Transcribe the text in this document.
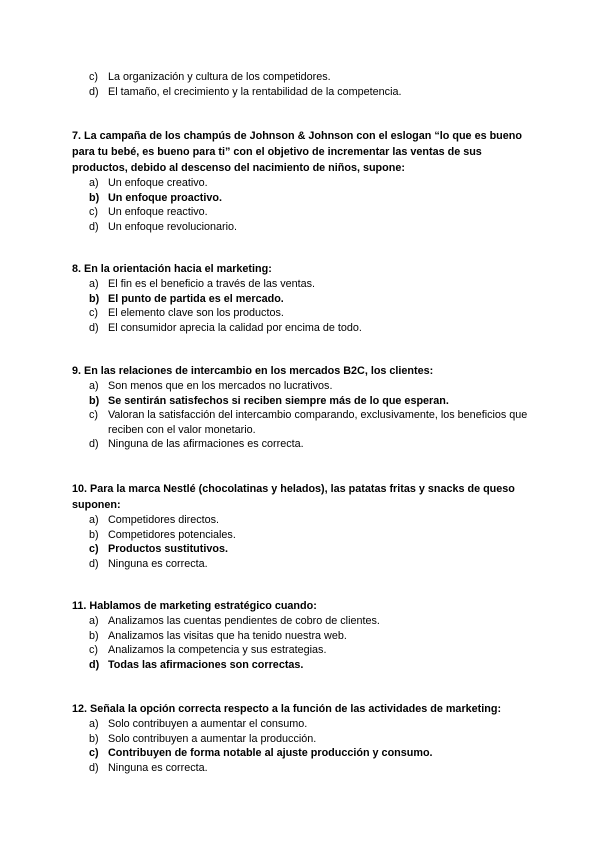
c) La organización y cultura de los competidores.
d) El tamaño, el crecimiento y la rentabilidad de la competencia.
7. La campaña de los champús de Johnson & Johnson con el eslogan “lo que es bueno para tu bebé, es bueno para ti” con el objetivo de incrementar las ventas de sus productos, debido al descenso del nacimiento de niños, supone:
a) Un enfoque creativo.
b) Un enfoque proactivo.
c) Un enfoque reactivo.
d) Un enfoque revolucionario.
8. En la orientación hacia el marketing:
a) El fin es el beneficio a través de las ventas.
b) El punto de partida es el mercado.
c) El elemento clave son los productos.
d) El consumidor aprecia la calidad por encima de todo.
9. En las relaciones de intercambio en los mercados B2C, los clientes:
a) Son menos que en los mercados no lucrativos.
b) Se sentirán satisfechos si reciben siempre más de lo que esperan.
c) Valoran la satisfacción del intercambio comparando, exclusivamente, los beneficios que reciben con el valor monetario.
d) Ninguna de las afirmaciones es correcta.
10. Para la marca Nestlé (chocolatinas y helados), las patatas fritas y snacks de queso suponen:
a) Competidores directos.
b) Competidores potenciales.
c) Productos sustitutivos.
d) Ninguna es correcta.
11. Hablamos de marketing estratégico cuando:
a) Analizamos las cuentas pendientes de cobro de clientes.
b) Analizamos las visitas que ha tenido nuestra web.
c) Analizamos la competencia y sus estrategias.
d) Todas las afirmaciones son correctas.
12. Señala la opción correcta respecto a la función de las actividades de marketing:
a) Solo contribuyen a aumentar el consumo.
b) Solo contribuyen a aumentar la producción.
c) Contribuyen de forma notable al ajuste producción y consumo.
d) Ninguna es correcta.
